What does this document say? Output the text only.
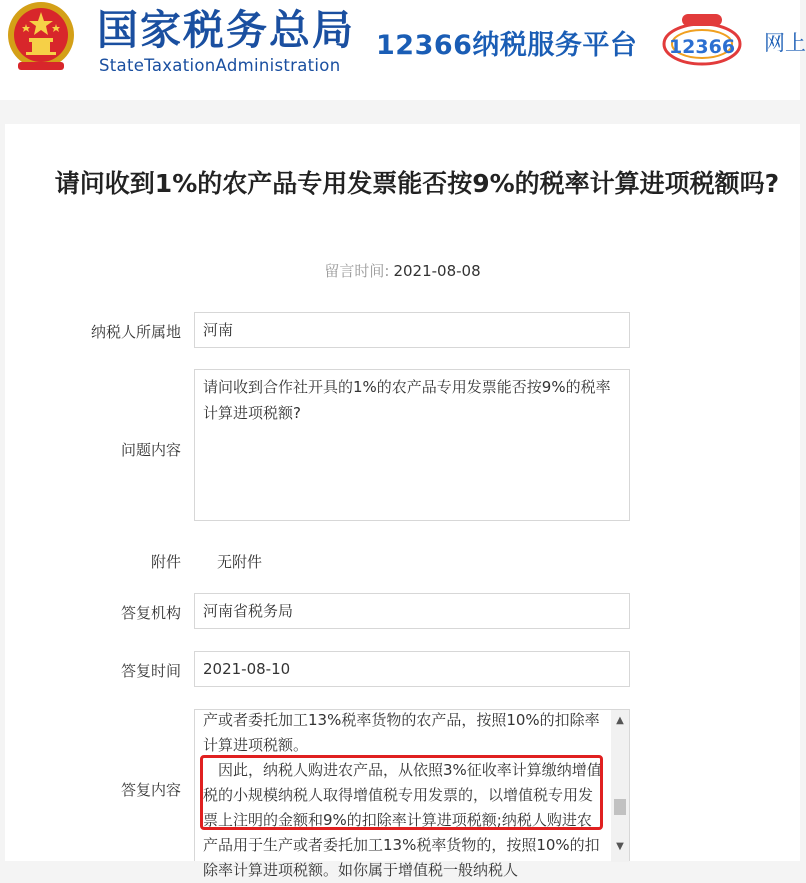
国家税务总局
StateTaxationAdministration
12366纳税服务平台 12366 网上
请问收到1%的农产品专用发票能否按9%的税率计算进项税额吗?
留言时间: 2021-08-08
纳税人所属地	河南
问题内容
请问收到合作社开具的1%的农产品专用发票能否按9%的税率计算进项税额?
附件 无附件
答复机构	河南省税务局
答复时间	2021-08-10
答复内容

产或者委托加工13%税率货物的农产品，按照10%的扣除率计算进项税额。

　因此，纳税人购进农产品，从依照3%征收率计算缴纳增值税的小规模纳税人取得增值税专用发票的，以增值税专用发票上注明的金额和9%的扣除率计算进项税额;纳税人购进农产品用于生产或者委托加工13%税率货物的，按照10%的扣除率计算进项税额。如你属于增值税一般纳税人

▲
▼
